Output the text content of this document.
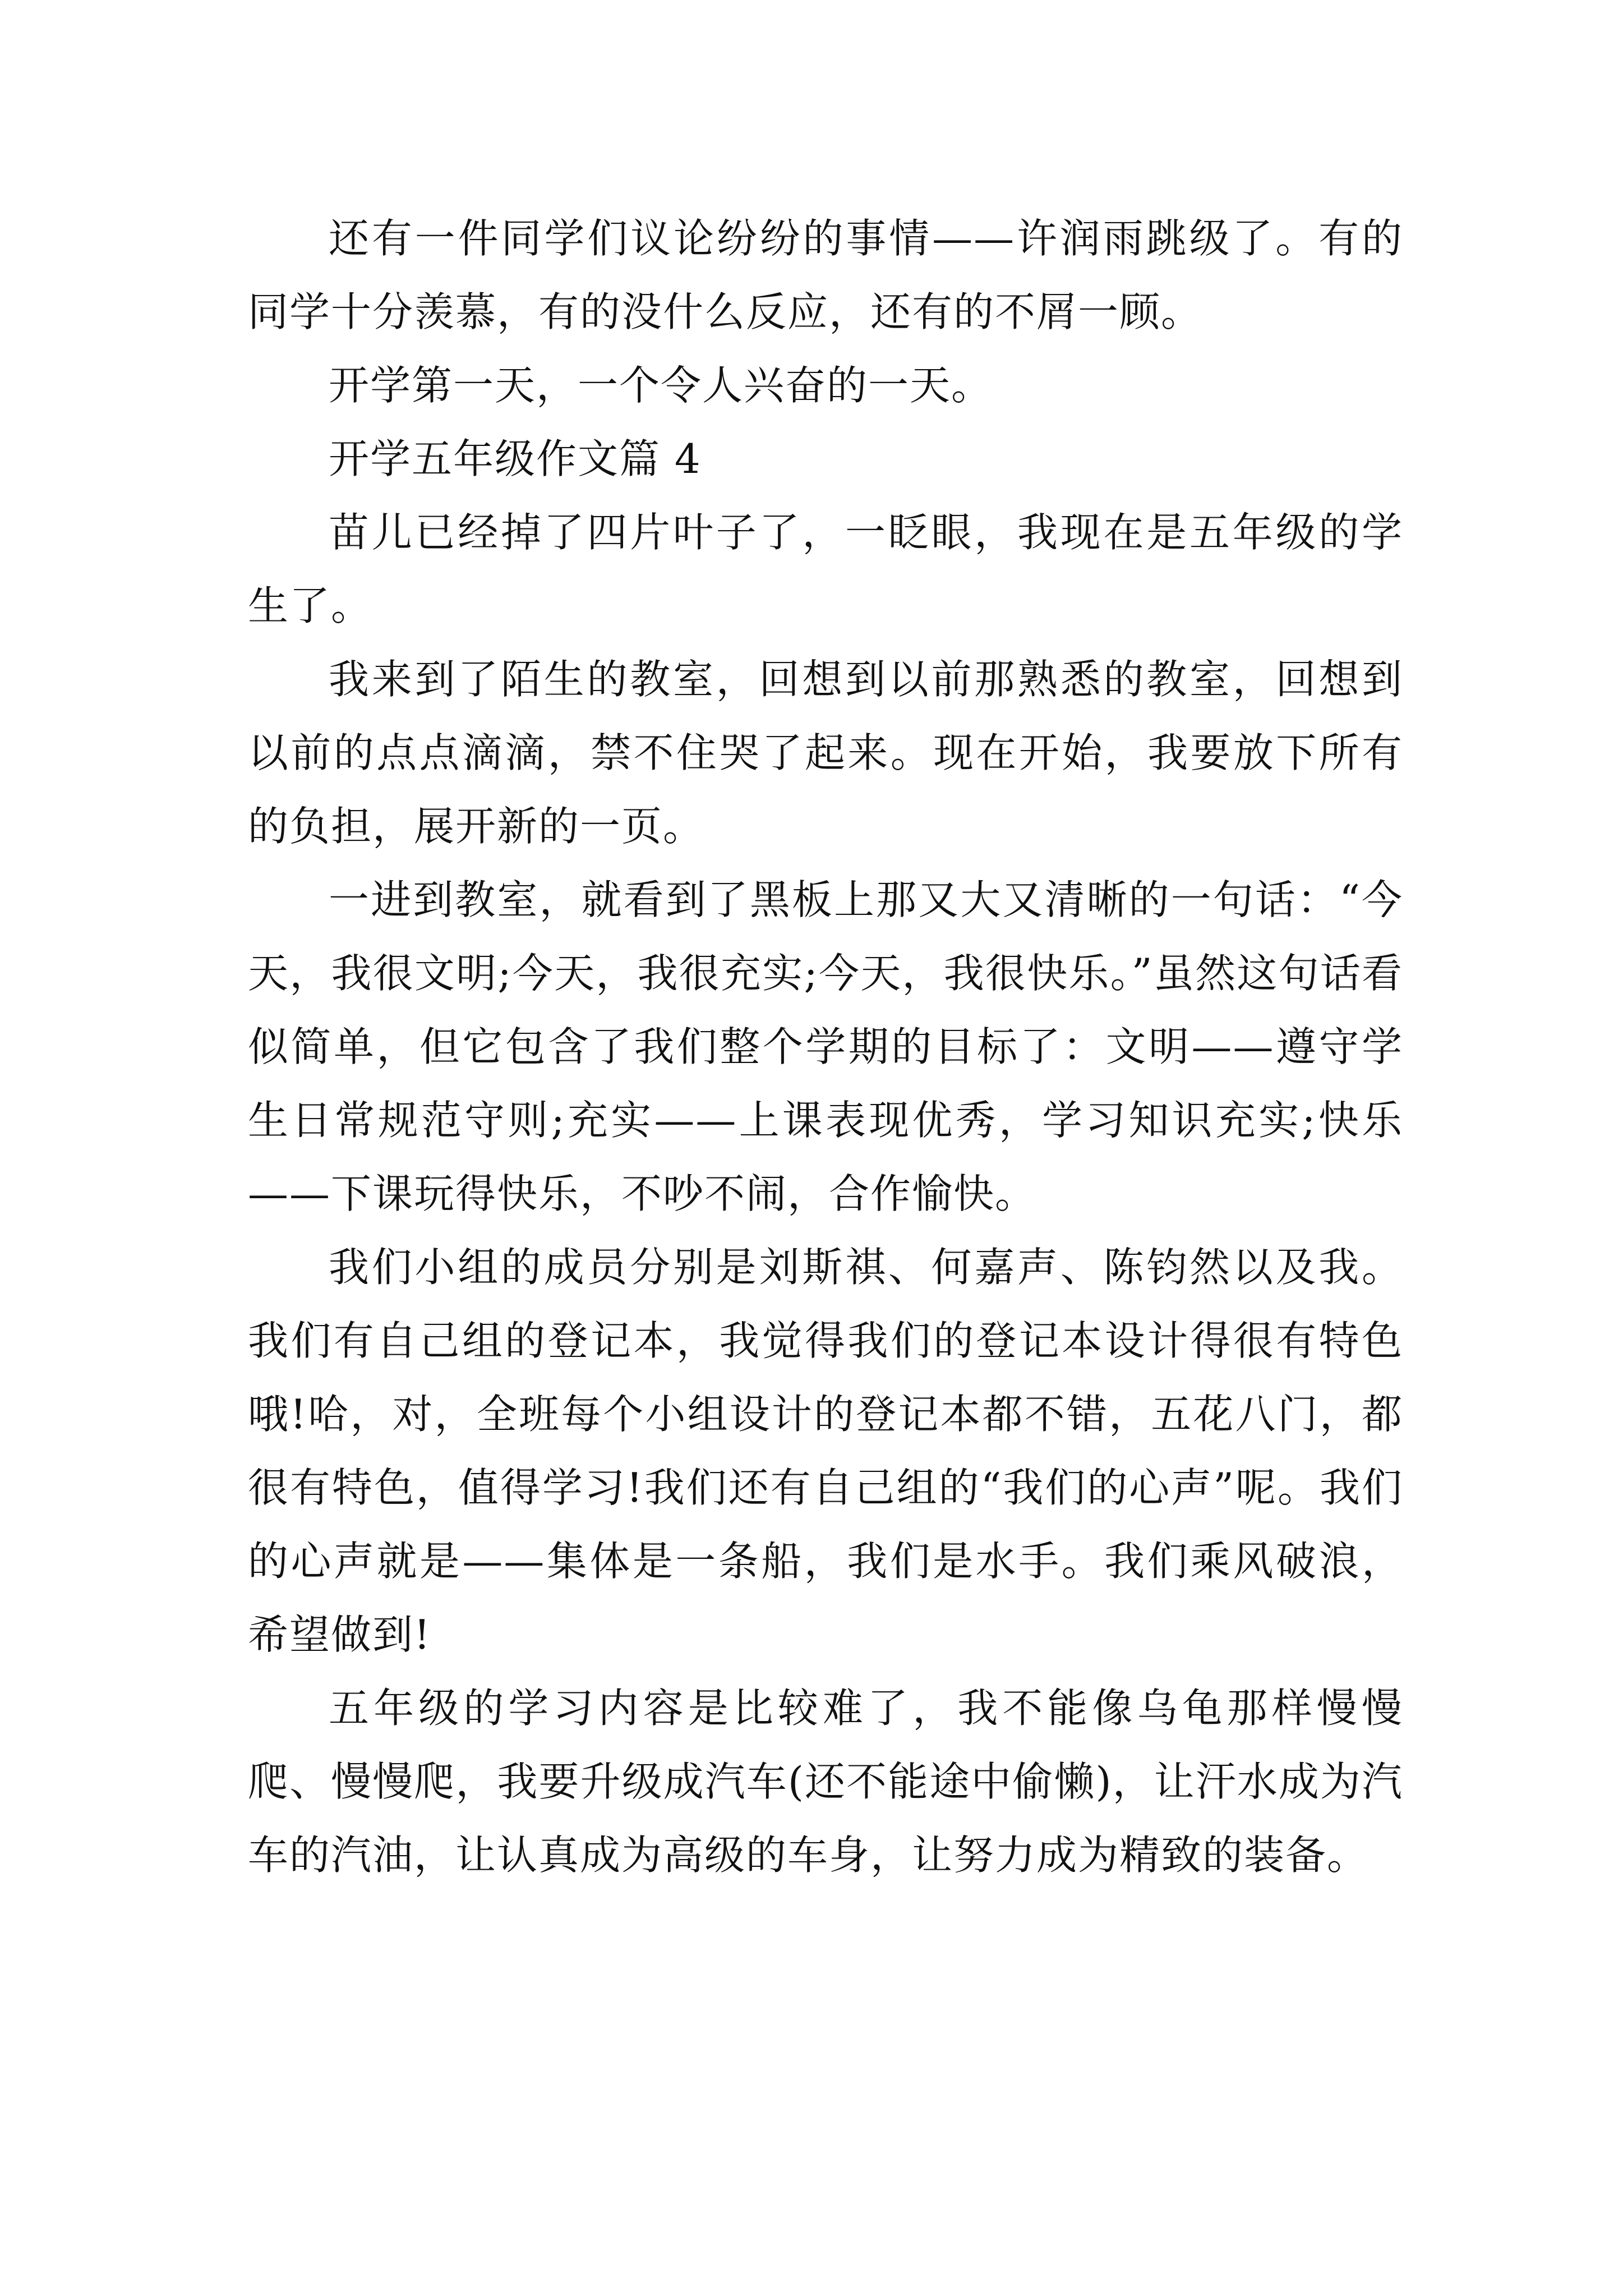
还有一件同学们议论纷纷的事情——许润雨跳级了。有的同学十分羡慕，有的没什么反应，还有的不屑一顾。

开学第一天，一个令人兴奋的一天。

开学五年级作文篇 4

苗儿已经掉了四片叶子了，一眨眼，我现在是五年级的学生了。

我来到了陌生的教室，回想到以前那熟悉的教室，回想到以前的点点滴滴，禁不住哭了起来。现在开始，我要放下所有的负担，展开新的一页。

一进到教室，就看到了黑板上那又大又清晰的一句话：“今天，我很文明;今天，我很充实;今天，我很快乐。”虽然这句话看似简单，但它包含了我们整个学期的目标了：文明——遵守学生日常规范守则;充实——上课表现优秀，学习知识充实;快乐——下课玩得快乐，不吵不闹，合作愉快。

我们小组的成员分别是刘斯祺、何嘉声、陈钧然以及我。我们有自己组的登记本，我觉得我们的登记本设计得很有特色哦!哈，对，全班每个小组设计的登记本都不错，五花八门，都很有特色，值得学习!我们还有自己组的“我们的心声”呢。我们的心声就是——集体是一条船，我们是水手。我们乘风破浪，希望做到!

五年级的学习内容是比较难了，我不能像乌龟那样慢慢爬、慢慢爬，我要升级成汽车(还不能途中偷懒)，让汗水成为汽车的汽油，让认真成为高级的车身，让努力成为精致的装备。
